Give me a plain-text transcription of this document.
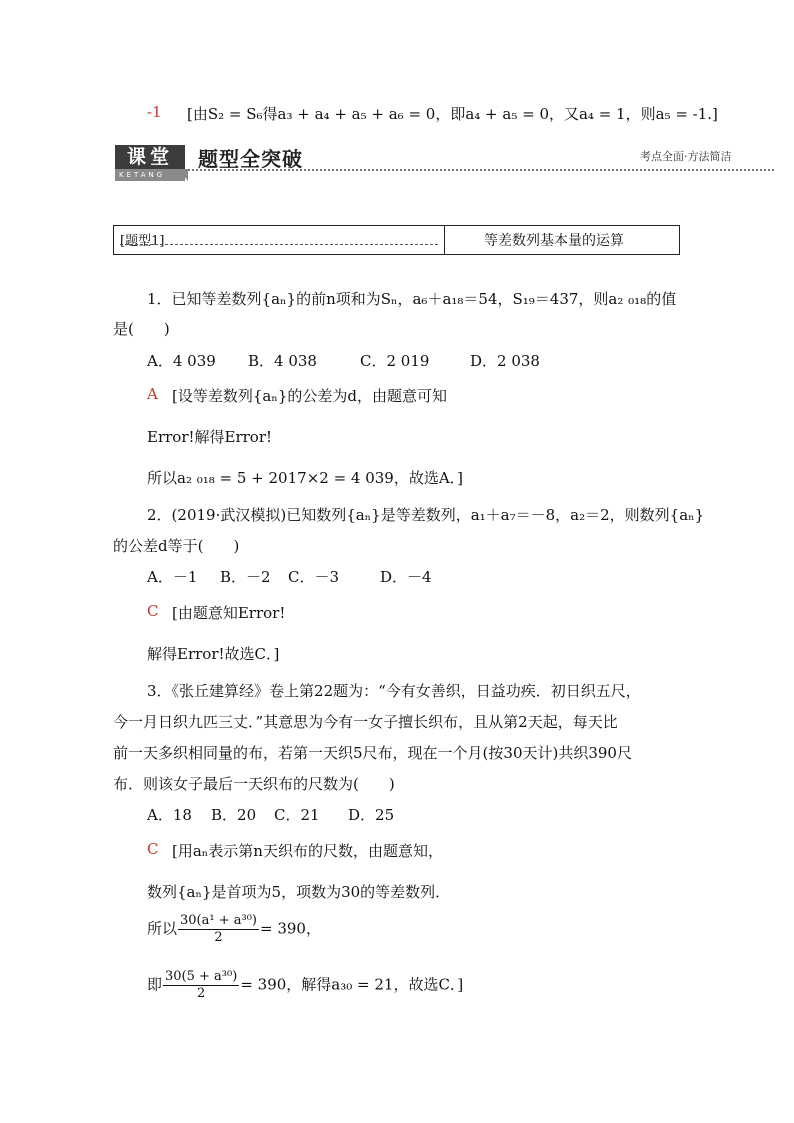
-1 [由S₂ = S₆得a₃ + a₄ + a₅ + a₆ = 0，即a₄ + a₅ = 0，又a₄ = 1，则a₅ = -1.]
课堂
KETANG
题型全突破	考点全面·方法简洁
[题型1]	等差数列基本量的运算
1．已知等差数列{aₙ}的前n项和为Sₙ，a₆＋a₁₈＝54，S₁₉＝437，则a₂ ₀₁₈的值
是(　　)
A．4 039 B．4 038	C．2 019	D．2 038
A [设等差数列{aₙ}的公差为d，由题意可知
Error!解得Error!
所以a₂ ₀₁₈ = 5 + 2017×2 = 4 039，故选A．]
2．(2019·武汉模拟)已知数列{aₙ}是等差数列，a₁＋a₇＝－8，a₂＝2，则数列{aₙ}
的公差d等于(　　)
A．－1 B．－2 C．－3	D．－4
C [由题意知Error!
解得Error!故选C．]
3．《张丘建算经》卷上第22题为：“今有女善织，日益功疾．初日织五尺，
今一月日织九匹三丈．”其意思为今有一女子擅长织布，且从第2天起，每天比
前一天多织相同量的布，若第一天织5尺布，现在一个月(按30天计)共织390尺
布．则该女子最后一天织布的尺数为(　　)
A．18 B．20 C．21 D．25
C [用aₙ表示第n天织布的尺数，由题意知，
数列{aₙ}是首项为5，项数为30的等差数列．
所以 $\frac{\text{30(a¹ + a³⁰)}}{2} = 390$，
即 $\frac{\text{30(5 + a³⁰)}}{2} = 390$，解得a₃₀ = 21，故选C．]
